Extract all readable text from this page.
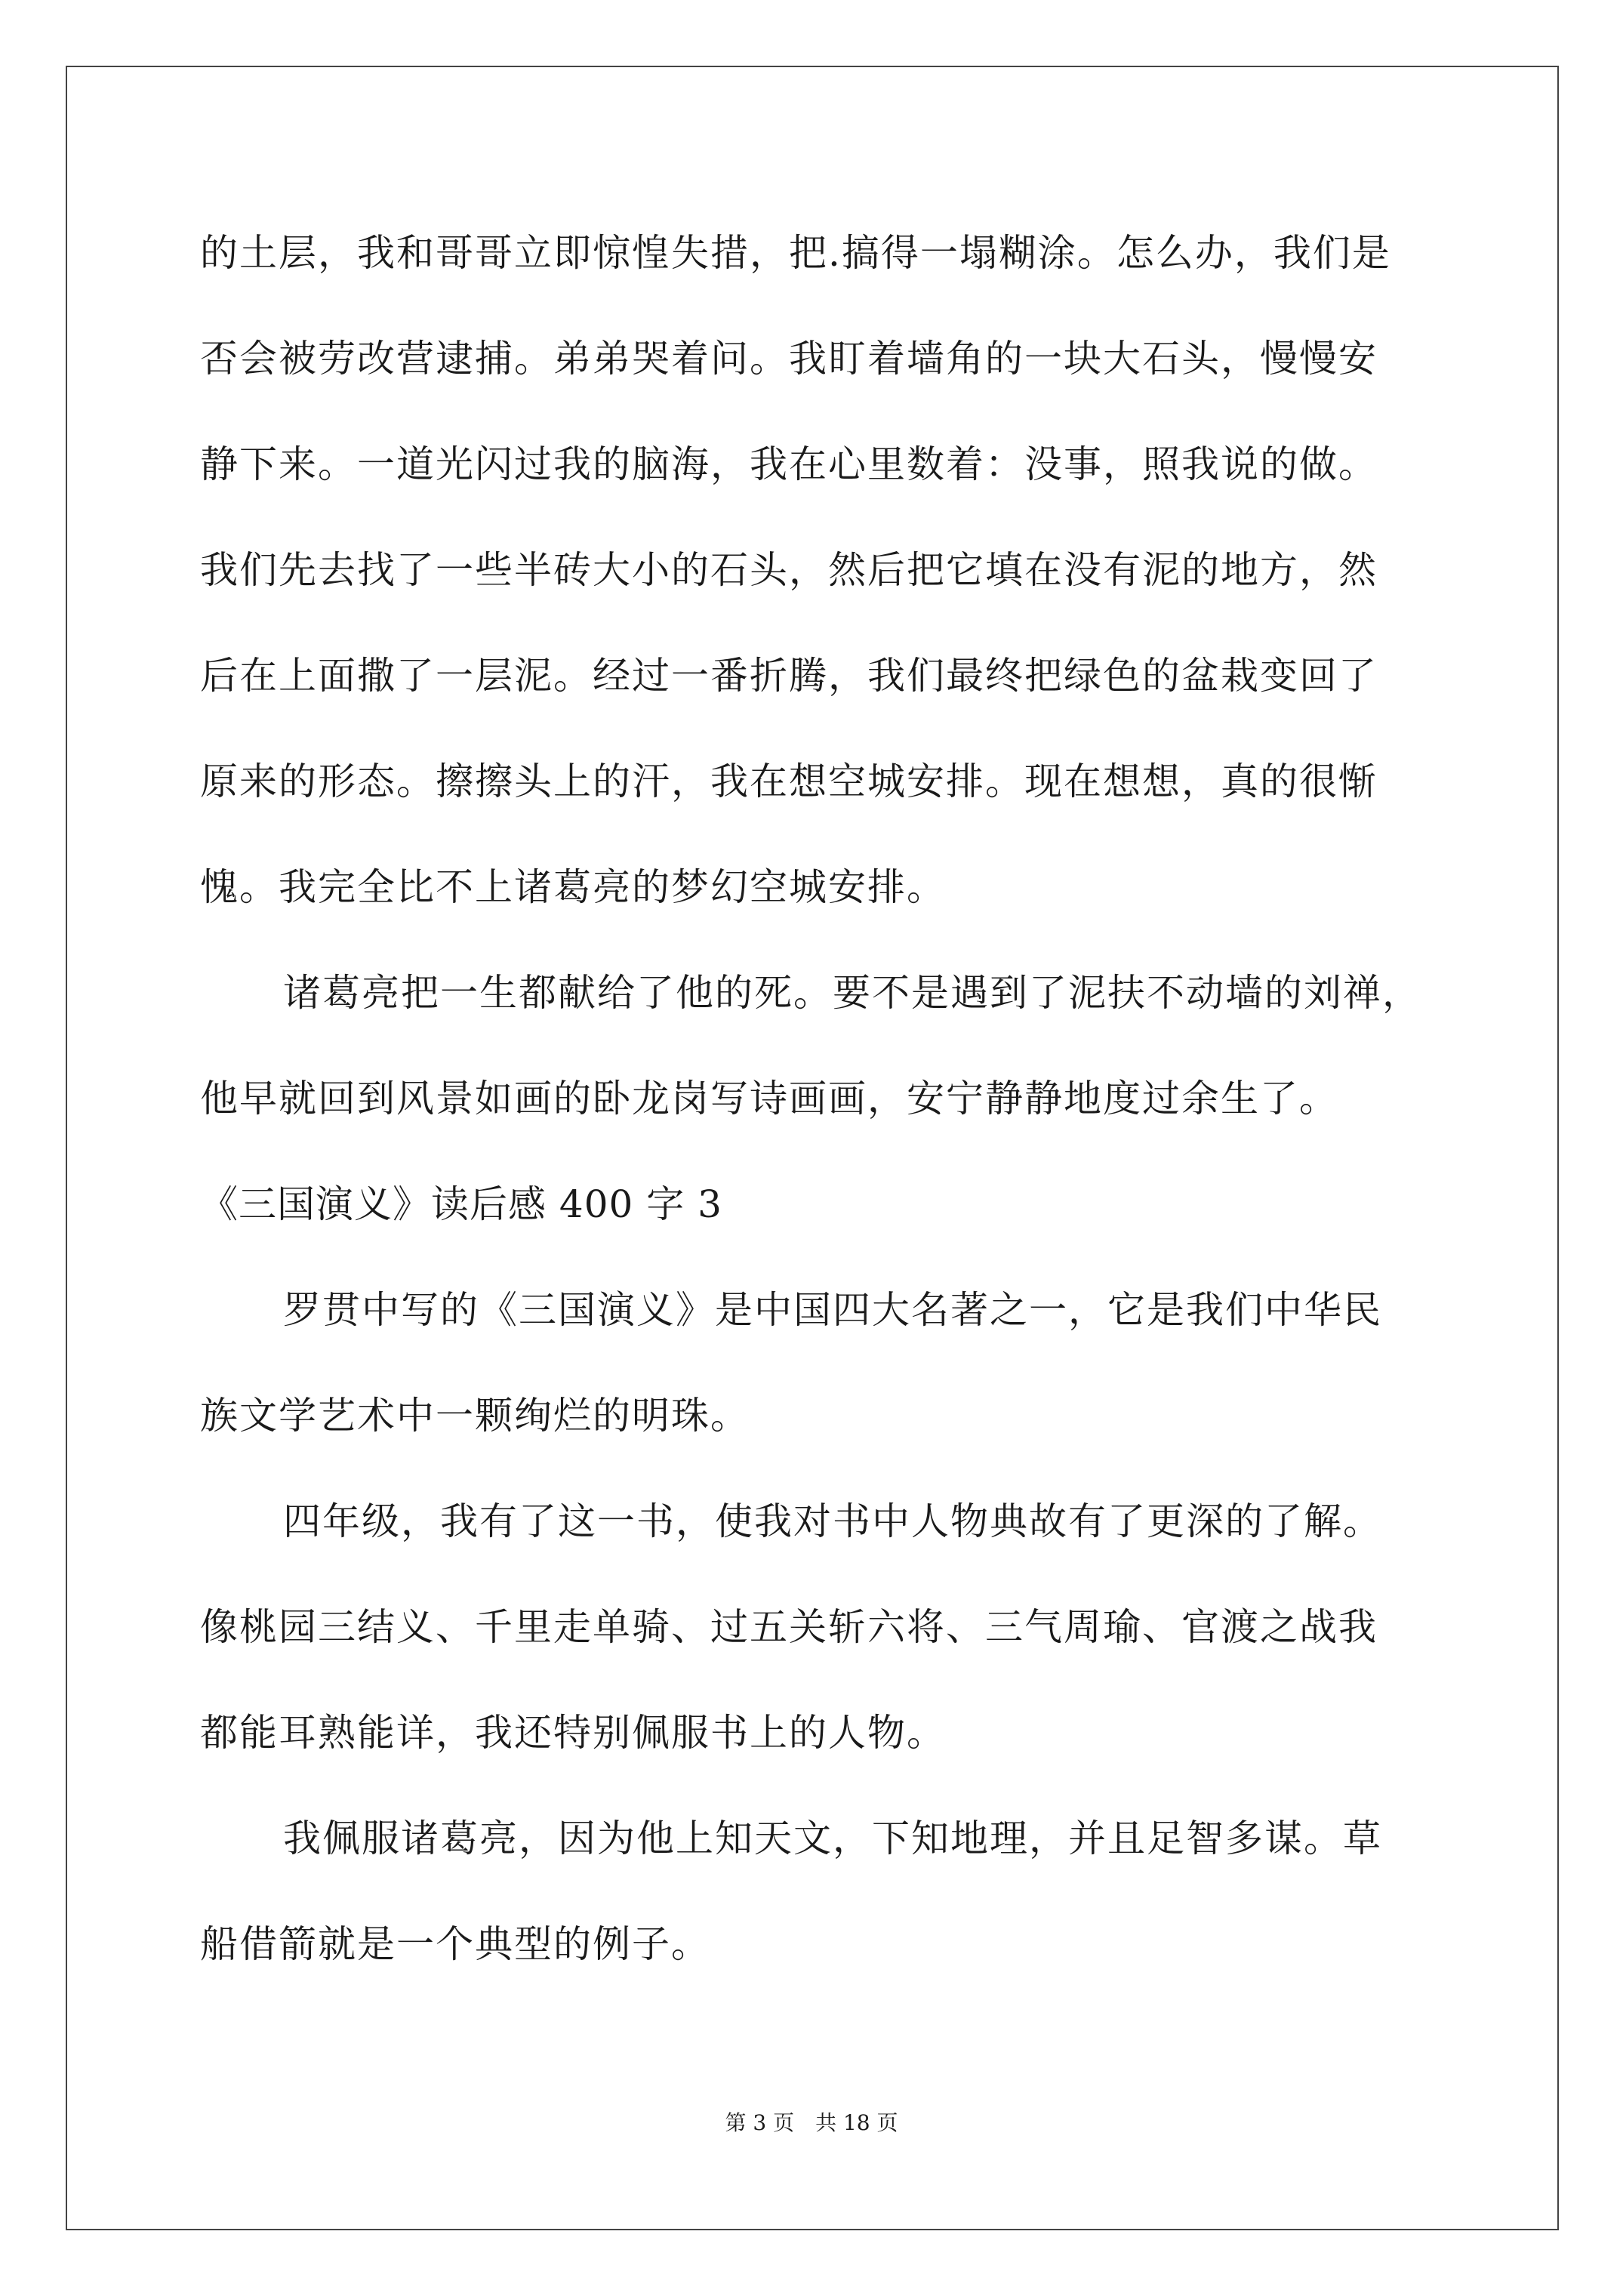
的土层，我和哥哥立即惊惶失措，把.搞得一塌糊涂。怎么办，我们是

否会被劳改营逮捕。弟弟哭着问。我盯着墙角的一块大石头，慢慢安

静下来。一道光闪过我的脑海，我在心里数着：没事，照我说的做。

我们先去找了一些半砖大小的石头，然后把它填在没有泥的地方，然

后在上面撒了一层泥。经过一番折腾，我们最终把绿色的盆栽变回了

原来的形态。擦擦头上的汗，我在想空城安排。现在想想，真的很惭

愧。我完全比不上诸葛亮的梦幻空城安排。

诸葛亮把一生都献给了他的死。要不是遇到了泥扶不动墙的刘禅，

他早就回到风景如画的卧龙岗写诗画画，安宁静静地度过余生了。

《三国演义》读后感 400 字 3

罗贯中写的《三国演义》是中国四大名著之一，它是我们中华民

族文学艺术中一颗绚烂的明珠。

四年级，我有了这一书，使我对书中人物典故有了更深的了解。

像桃园三结义、千里走单骑、过五关斩六将、三气周瑜、官渡之战我

都能耳熟能详，我还特别佩服书上的人物。

我佩服诸葛亮，因为他上知天文，下知地理，并且足智多谋。草

船借箭就是一个典型的例子。

第 3 页　共 18 页
